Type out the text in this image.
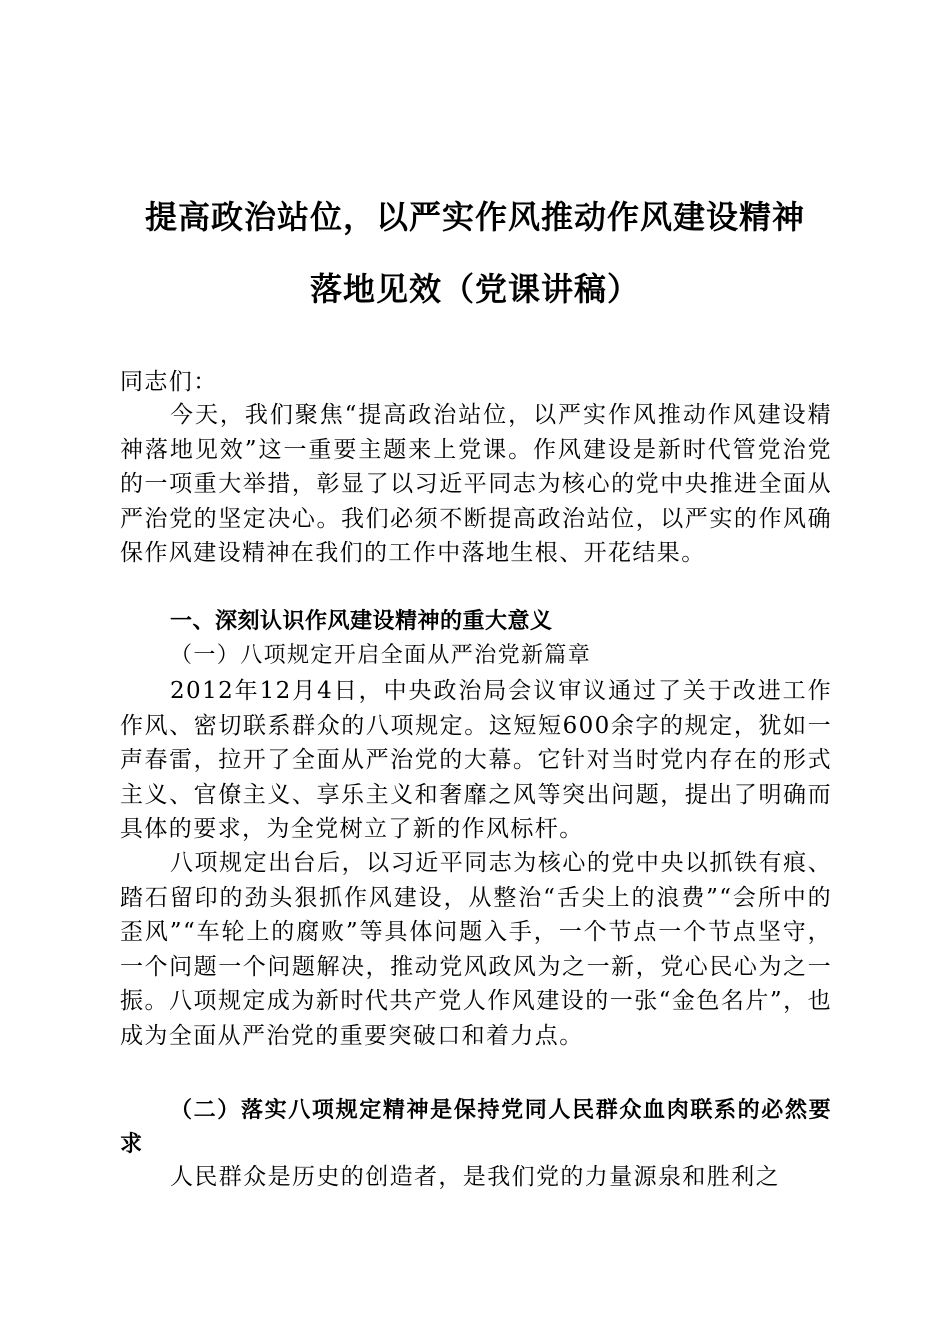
提高政治站位，以严实作风推动作风建设精神
落地见效（党课讲稿）
同志们：
今天，我们聚焦“提高政治站位，以严实作风推动作风建设精神落地见效”这一重要主题来上党课。作风建设是新时代管党治党的一项重大举措，彰显了以习近平同志为核心的党中央推进全面从严治党的坚定决心。我们必须不断提高政治站位，以严实的作风确保作风建设精神在我们的工作中落地生根、开花结果。
一、深刻认识作风建设精神的重大意义
（一）八项规定开启全面从严治党新篇章
2012年12月4日，中央政治局会议审议通过了关于改进工作作风、密切联系群众的八项规定。这短短600余字的规定，犹如一声春雷，拉开了全面从严治党的大幕。它针对当时党内存在的形式主义、官僚主义、享乐主义和奢靡之风等突出问题，提出了明确而具体的要求，为全党树立了新的作风标杆。
八项规定出台后，以习近平同志为核心的党中央以抓铁有痕、踏石留印的劲头狠抓作风建设，从整治“舌尖上的浪费”“会所中的歪风”“车轮上的腐败”等具体问题入手，一个节点一个节点坚守，一个问题一个问题解决，推动党风政风为之一新，党心民心为之一振。八项规定成为新时代共产党人作风建设的一张“金色名片”，也成为全面从严治党的重要突破口和着力点。
（二）落实八项规定精神是保持党同人民群众血肉联系的必然要求
人民群众是历史的创造者，是我们党的力量源泉和胜利之
